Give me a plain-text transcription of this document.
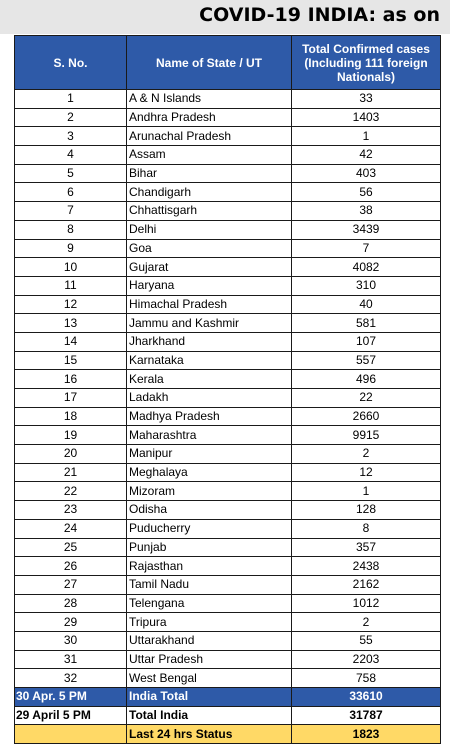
COVID-19 INDIA: as on
S. No.	Name of State / UT	Total Confirmed cases (Including 111 foreign Nationals)
1	A & N Islands	33
2	Andhra Pradesh	1403
3	Arunachal Pradesh	1
4	Assam	42
5	Bihar	403
6	Chandigarh	56
7	Chhattisgarh	38
8	Delhi	3439
9	Goa	7
10	Gujarat	4082
11	Haryana	310
12	Himachal Pradesh	40
13	Jammu and Kashmir	581
14	Jharkhand	107
15	Karnataka	557
16	Kerala	496
17	Ladakh	22
18	Madhya Pradesh	2660
19	Maharashtra	9915
20	Manipur	2
21	Meghalaya	12
22	Mizoram	1
23	Odisha	128
24	Puducherry	8
25	Punjab	357
26	Rajasthan	2438
27	Tamil Nadu	2162
28	Telengana	1012
29	Tripura	2
30	Uttarakhand	55
31	Uttar Pradesh	2203
32	West Bengal	758
30 Apr. 5 PM	India Total	33610
29 April 5 PM	Total India	31787
	Last 24 hrs Status	1823
